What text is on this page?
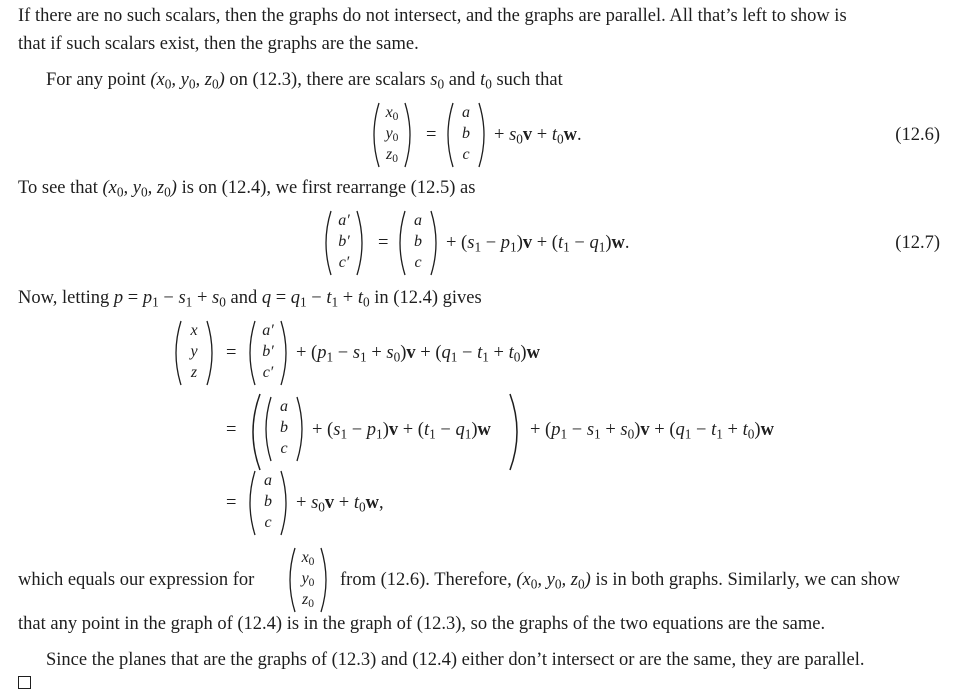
If there are no such scalars, then the graphs do not intersect, and the graphs are parallel. All that’s left to show is
that if such scalars exist, then the graphs are the same.
For any point ($x_0$, $y_0$, $z_0$) on (12.3), there are scalars $s_0$ and $t_0$ such that
$x_0$
$y_0$
$z_0$
=
a
b
c
+ $s_0v + t_0w$.	(12.6)
To see that ($x_0$, $y_0$, $z_0$) is on (12.4), we first rearrange (12.5) as
a′
b′
c′
=
a
b
c
+ $(s_1 - p_1)v + (t_1 - q_1)w$.	(12.7)
Now, letting $p = p_1 - s_1 + s_0$ and $q = q_1 - t_1 + t_0$ in (12.4) gives
x
y
z
=
a′
b′
c′
+ $(p_1 - s_1 + s_0)v + (q_1 - t_1 + t_0)w$
=
a
b
c
+ $(s_1 - p_1)v + (t_1 - q_1)w + (p_1 - s_1 + s_0)v + (q_1 - t_1 + t_0)w$
=
a
b
c
+ $s_0v + t_0w$,
which equals our expression for
$x_0$
$y_0$
$z_0$
from (12.6). Therefore, ($x_0$, $y_0$, $z_0$) is in both graphs. Similarly, we can show
that any point in the graph of (12.4) is in the graph of (12.3), so the graphs of the two equations are the same.
Since the planes that are the graphs of (12.3) and (12.4) either don’t intersect or are the same, they are parallel.
